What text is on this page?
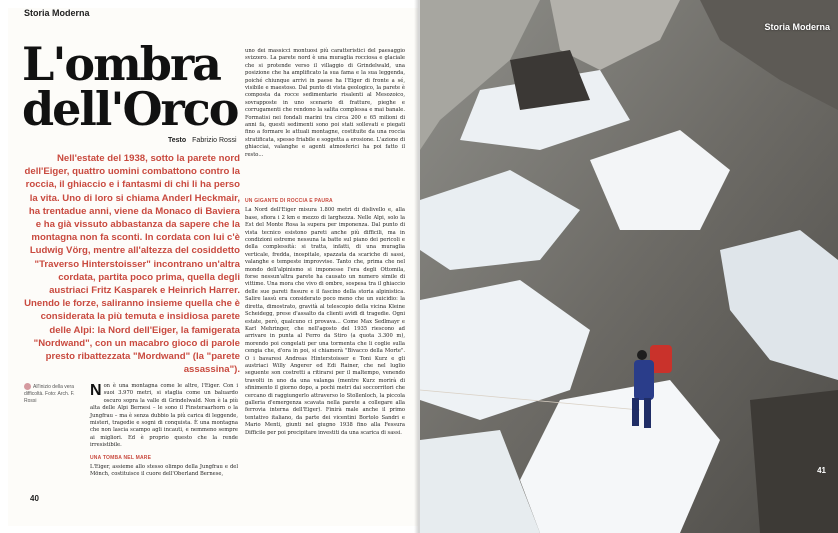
Storia Moderna
L'ombra
dell'Orco
Testo Fabrizio Rossi
Nell'estate del 1938, sotto la parete nord dell'Eiger, quattro uomini combattono contro la roccia, il ghiaccio e i fantasmi di chi li ha perso la vita. Uno di loro si chiama Anderl Heckmair, ha trentadue anni, viene da Monaco di Baviera e ha già vissuto abbastanza da sapere che la montagna non fa sconti. In cordata con lui c'è Ludwig Vörg, mentre all'altezza del cosiddetto "Traverso Hinterstoisser" incontrano un'altra cordata, partita poco prima, quella degli austriaci Fritz Kasparek e Heinrich Harrer. Unendo le forze, saliranno insieme quella che è considerata la più temuta e insidiosa parete delle Alpi: la Nord dell'Eiger, la famigerata "Nordwand", con un macabro gioco di parole presto ribattezzata "Mordwand" (la "parete assassina").
All'inizio della vera difficoltà. Foto: Arch. F. Rossi
Non è una montagna come le altre, l'Eiger. Con i suoi 3.970 metri, si staglia come un baluardo oscuro sopra la valle di Grindelwald. Non è la più alta delle Alpi Bernesi – le sono il Finsteraarhorn o la Jungfrau – ma è senza dubbio la più carica di leggende, misteri, tragedie e sogni di conquista. È una montagna che non lascia scampo agli incauti, e nemmeno sempre ai migliori. Ed è proprio questo che la rende irresistibile.
UNA TOMBA NEL MARE
L'Eiger, assieme allo stesso olimpo della Jungfrau e del Mönch, costituisce il cuore dell'Oberland Bernese,
uno dei massicci montuosi più caratteristici del paesaggio svizzero. La parete nord è una muraglia rocciosa e glaciale che si protende verso il villaggio di Grindelwald, una posizione che ha amplificato la sua fama e la sua leggenda, poiché chiunque arrivi in paese ha l'Eiger di fronte a sé, visibile e maestoso. Dal punto di vista geologico, la parete è composta da rocce sedimentarie risalenti al Mesozoico, sovrapposte in uno scenario di fratture, pieghe e corrugamenti che rendono la salita complessa e mai banale. Formatisi nei fondali marini tra circa 200 e 65 milioni di anni fa, questi sedimenti sono poi stati sollevati e piegati fino a formare le attuali montagne, costituite da una roccia stratificata, spesso friabile e soggetta a erosione. L'azione di ghiacciai, valanghe e agenti atmosferici ha poi fatto il resto...
UN GIGANTE DI ROCCIA E PAURA
La Nord dell'Eiger misura 1.800 metri di dislivello e, alla base, sfiora i 2 km e mezzo di larghezza. Nelle Alpi, solo la Est del Monte Rosa la supera per imponenza. Dal punto di vista tecnico esistono pareti anche più difficili, ma in condizioni estreme nessuna la batte sul piano dei pericoli e della complessità: si tratta, infatti, di una muraglia verticale, fredda, inospitale, spazzata da scariche di sassi, valanghe e tempeste improvvise. Tanto che, prima che nel mondo dell'alpinismo si imponesse l'era degli Ottomila, forse nessun'altra parete ha causato un numero simile di vittime. Una mora che vivo di ombre, sospesa tra il ghiaccio delle sue pareti fissure e il fascino della storia alpinistica. Salire lassù era considerato poco meno che un suicidio: la diretta, dimostrato, gravità al telescopio della vicina Kleine Scheidegg, prese d'assalto da clienti avidi di tragedie. Ogni estate, però, qualcuno ci provava... Come Max Sedlmayr e Karl Mehringer, che nell'agosto del 1935 riescono ad arrivare in punta al Ferro da Stiro (a quota 3.300 m), morendo poi congelati per una tormenta che li coglie sulla cengia che, d'ora in poi, si chiamerà "Bivacco della Morte". O i bavaresi Andreas Hinterstoisser e Toni Kurz e gli austriaci Willy Angerer ed Edi Rainer, che nel luglio seguente son costretti a ritirarsi per il maltempo, venendo travolti in uno da una valanga (mentre Kurz morirà di sfinimento il giorno dopo, a pochi metri dai soccorritori che cercano di raggiungerlo attraverso lo Stollenloch, la piccola galleria d'emergenza scavata nella parete a collegare alla ferrovia interna dell'Eiger). Finirà male anche il primo tentativo italiano, da parte dei vicentini Bortolo Sandri e Mario Menti, giunti nel giugno 1938 fino alla Fessura Difficile per poi precipitare investiti da una scarica di sassi.
40
Storia Moderna
41
